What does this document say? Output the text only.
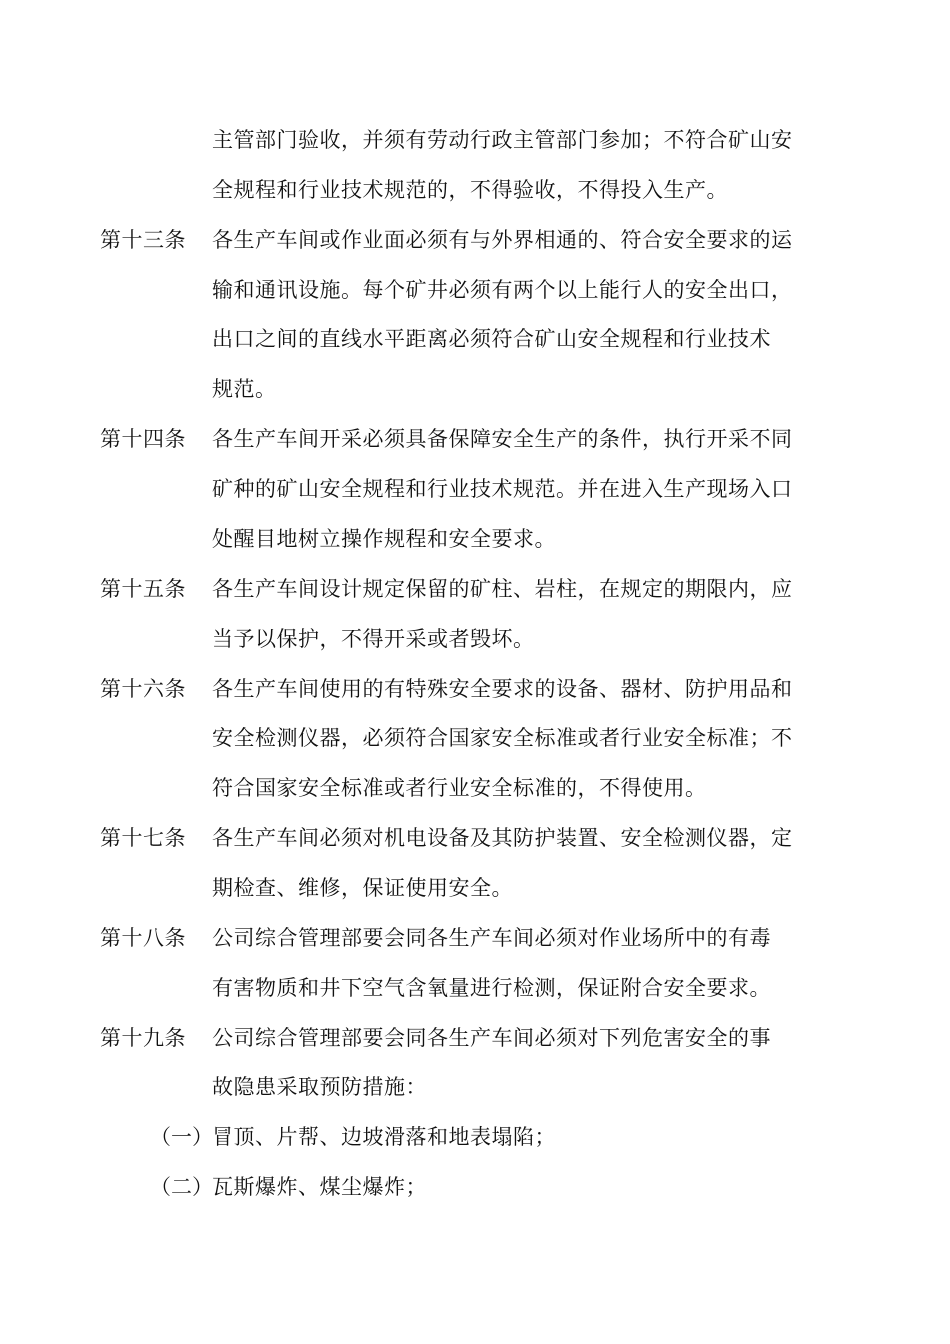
主管部门验收，并须有劳动行政主管部门参加；不符合矿山安
全规程和行业技术规范的，不得验收，不得投入生产。
第十三条 各生产车间或作业面必须有与外界相通的、符合安全要求的运
输和通讯设施。每个矿井必须有两个以上能行人的安全出口，
出口之间的直线水平距离必须符合矿山安全规程和行业技术
规范。
第十四条 各生产车间开采必须具备保障安全生产的条件，执行开采不同
矿种的矿山安全规程和行业技术规范。并在进入生产现场入口
处醒目地树立操作规程和安全要求。
第十五条 各生产车间设计规定保留的矿柱、岩柱，在规定的期限内，应
当予以保护，不得开采或者毁坏。
第十六条 各生产车间使用的有特殊安全要求的设备、器材、防护用品和
安全检测仪器，必须符合国家安全标准或者行业安全标准；不
符合国家安全标准或者行业安全标准的，不得使用。
第十七条 各生产车间必须对机电设备及其防护装置、安全检测仪器，定
期检查、维修，保证使用安全。
第十八条 公司综合管理部要会同各生产车间必须对作业场所中的有毒
有害物质和井下空气含氧量进行检测，保证附合安全要求。
第十九条 公司综合管理部要会同各生产车间必须对下列危害安全的事
故隐患采取预防措施：
（一） 冒顶、片帮、边坡滑落和地表塌陷；
（二） 瓦斯爆炸、煤尘爆炸；
